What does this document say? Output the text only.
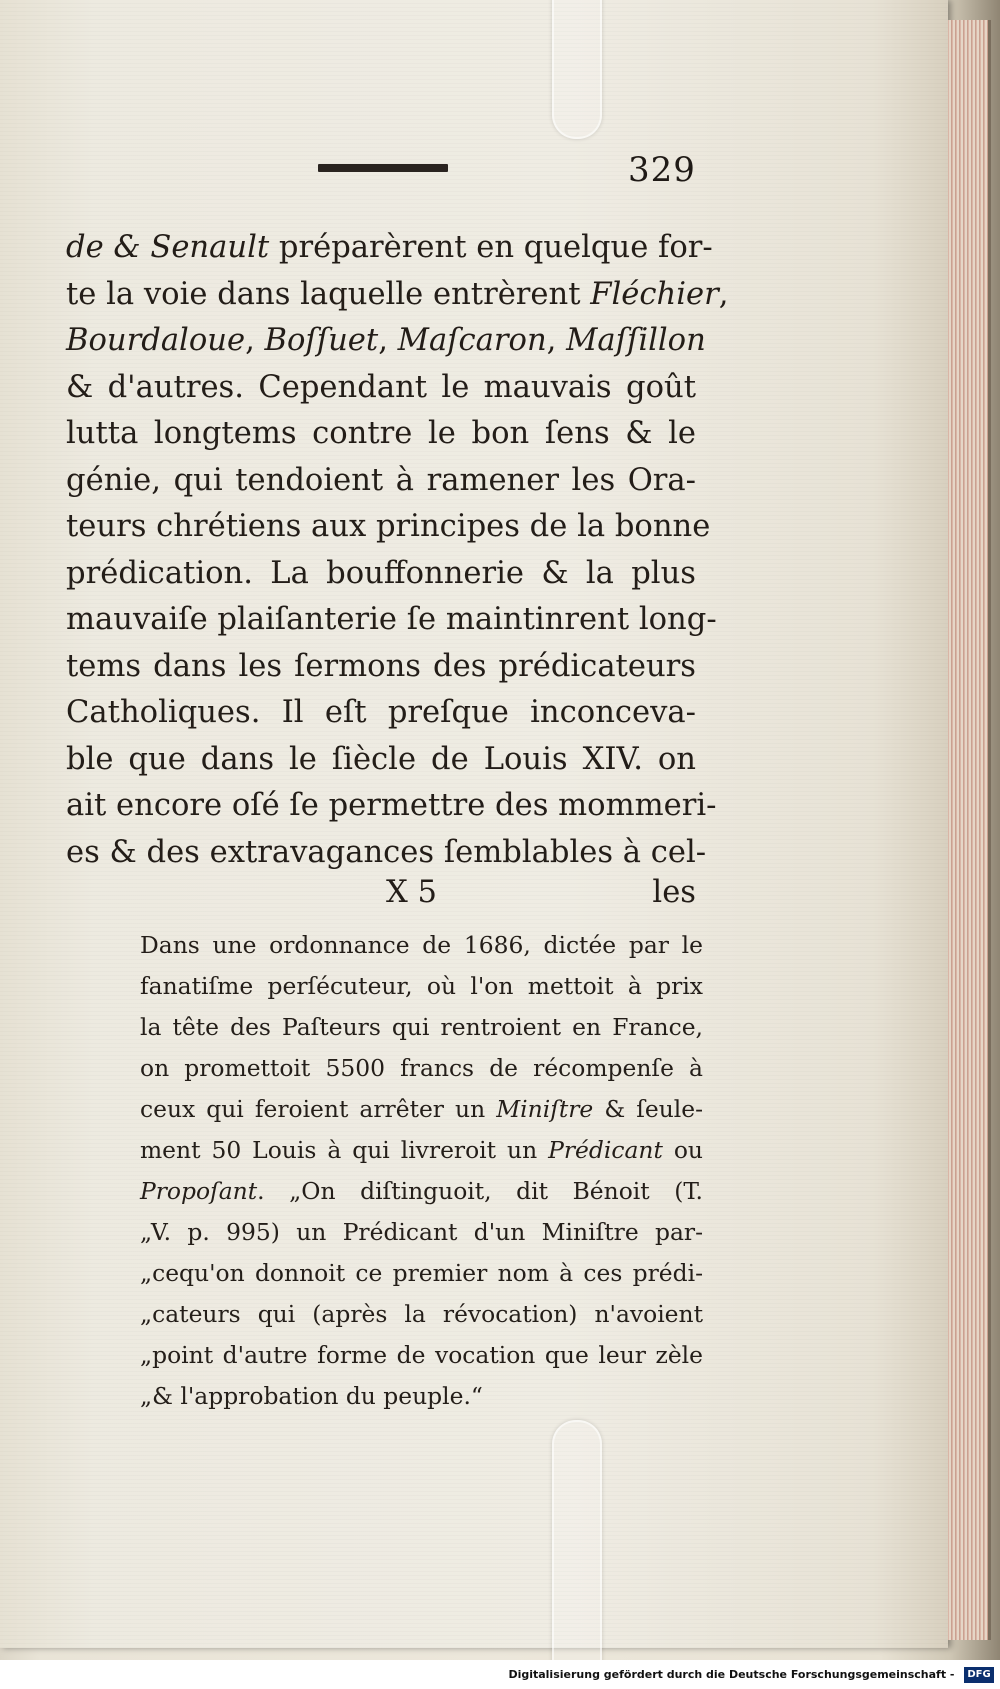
329
de & Senault préparèrent en quelque for-
te la voie dans laquelle entrèrent Fléchier,
Bourdaloue, Boſſuet, Maſcaron, Maſſillon
& d'autres. Cependant le mauvais goût
lutta longtems contre le bon ſens & le
génie, qui tendoient à ramener les Ora-
teurs chrétiens aux principes de la bonne
prédication. La bouffonnerie & la plus
mauvaiſe plaiſanterie ſe maintinrent long-
tems dans les ſermons des prédicateurs
Catholiques. Il eſt preſque inconceva-
ble que dans le ſiècle de Louis XIV. on
ait encore oſé ſe permettre des mommeri-
es & des extravagances ſemblables à cel-
X 5	les
Dans une ordonnance de 1686, dictée par le
fanatiſme perſécuteur, où l'on mettoit à prix
la tête des Paſteurs qui rentroient en France,
on promettoit 5500 francs de récompenſe à
ceux qui feroient arrêter un Miniſtre & ſeule-
ment 50 Louis à qui livreroit un Prédicant ou
Propoſant. „On diſtinguoit, dit Bénoit (T.
„V. p. 995) un Prédicant d'un Miniſtre par-
„cequ'on donnoit ce premier nom à ces prédi-
„cateurs qui (après la révocation) n'avoient
„point d'autre forme de vocation que leur zèle
„& l'approbation du peuple.“
Digitalisierung gefördert durch die Deutsche Forschungsgemeinschaft - DFG
